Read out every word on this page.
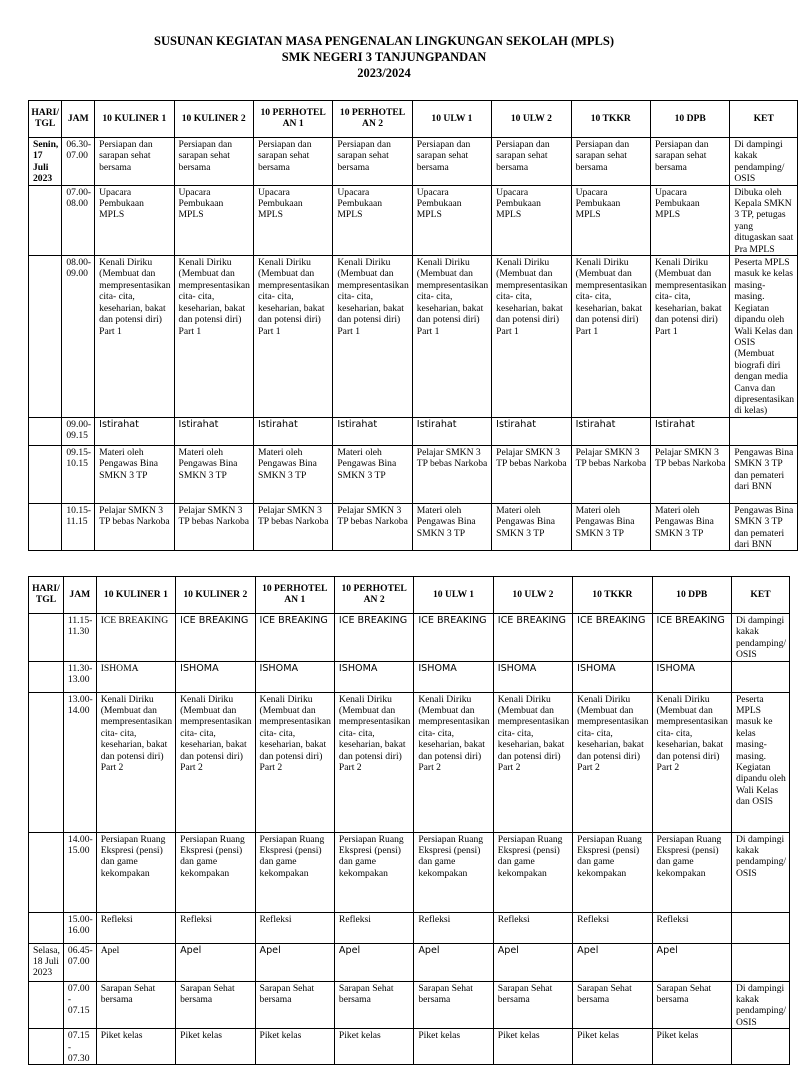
SUSUNAN KEGIATAN MASA PENGENALAN LINGKUNGAN SEKOLAH (MPLS)
SMK NEGERI 3 TANJUNGPANDAN
2023/2024
HARI/ TGL	JAM	10 KULINER 1	10 KULINER 2	10 PERHOTEL AN 1	10 PERHOTEL AN 2	10 ULW 1	10 ULW 2	10 TKKR	10 DPB	KET
Senin, 17 Juli 2023	06.30-07.00	Persiapan dan sarapan sehat bersama	Persiapan dan sarapan sehat bersama	Persiapan dan sarapan sehat bersama	Persiapan dan sarapan sehat bersama	Persiapan dan sarapan sehat bersama	Persiapan dan sarapan sehat bersama	Persiapan dan sarapan sehat bersama	Persiapan dan sarapan sehat bersama	Di dampingi kakak pendamping/ OSIS
	07.00-08.00	Upacara Pembukaan MPLS	Upacara Pembukaan MPLS	Upacara Pembukaan MPLS	Upacara Pembukaan MPLS	Upacara Pembukaan MPLS	Upacara Pembukaan MPLS	Upacara Pembukaan MPLS	Upacara Pembukaan MPLS	Dibuka oleh Kepala SMKN 3 TP, petugas yang ditugaskan saat Pra MPLS
	08.00-09.00	Kenali Diriku (Membuat dan mempresentasikan cita- cita, keseharian, bakat dan potensi diri) Part 1	Kenali Diriku (Membuat dan mempresentasikan cita- cita, keseharian, bakat dan potensi diri) Part 1	Kenali Diriku (Membuat dan mempresentasikan cita- cita, keseharian, bakat dan potensi diri) Part 1	Kenali Diriku (Membuat dan mempresentasikan cita- cita, keseharian, bakat dan potensi diri) Part 1	Kenali Diriku (Membuat dan mempresentasikan cita- cita, keseharian, bakat dan potensi diri) Part 1	Kenali Diriku (Membuat dan mempresentasikan cita- cita, keseharian, bakat dan potensi diri) Part 1	Kenali Diriku (Membuat dan mempresentasikan cita- cita, keseharian, bakat dan potensi diri) Part 1	Kenali Diriku (Membuat dan mempresentasikan cita- cita, keseharian, bakat dan potensi diri) Part 1	Peserta MPLS masuk ke kelas masing-masing. Kegiatan dipandu oleh Wali Kelas dan OSIS (Membuat biografi diri dengan media Canva dan dipresentasikan di kelas)
	09.00-09.15	Istirahat	Istirahat	Istirahat	Istirahat	Istirahat	Istirahat	Istirahat	Istirahat	
	09.15-10.15	Materi oleh Pengawas Bina SMKN 3 TP	Materi oleh Pengawas Bina SMKN 3 TP	Materi oleh Pengawas Bina SMKN 3 TP	Materi oleh Pengawas Bina SMKN 3 TP	Pelajar SMKN 3 TP bebas Narkoba	Pelajar SMKN 3 TP bebas Narkoba	Pelajar SMKN 3 TP bebas Narkoba	Pelajar SMKN 3 TP bebas Narkoba	Pengawas Bina SMKN 3 TP dan pemateri dari BNN
	10.15-11.15	Pelajar SMKN 3 TP bebas Narkoba	Pelajar SMKN 3 TP bebas Narkoba	Pelajar SMKN 3 TP bebas Narkoba	Pelajar SMKN 3 TP bebas Narkoba	Materi oleh Pengawas Bina SMKN 3 TP	Materi oleh Pengawas Bina SMKN 3 TP	Materi oleh Pengawas Bina SMKN 3 TP	Materi oleh Pengawas Bina SMKN 3 TP	Pengawas Bina SMKN 3 TP dan pemateri dari BNN
HARI/ TGL	JAM	10 KULINER 1	10 KULINER 2	10 PERHOTEL AN 1	10 PERHOTEL AN 2	10 ULW 1	10 ULW 2	10 TKKR	10 DPB	KET
	11.15-11.30	ICE BREAKING	ICE BREAKING	ICE BREAKING	ICE BREAKING	ICE BREAKING	ICE BREAKING	ICE BREAKING	ICE BREAKING	Di dampingi kakak pendamping/ OSIS
	11.30-13.00	ISHOMA	ISHOMA	ISHOMA	ISHOMA	ISHOMA	ISHOMA	ISHOMA	ISHOMA	
	13.00-14.00	Kenali Diriku (Membuat dan mempresentasikan cita- cita, keseharian, bakat dan potensi diri) Part 2	Kenali Diriku (Membuat dan mempresentasikan cita- cita, keseharian, bakat dan potensi diri) Part 2	Kenali Diriku (Membuat dan mempresentasikan cita- cita, keseharian, bakat dan potensi diri) Part 2	Kenali Diriku (Membuat dan mempresentasikan cita- cita, keseharian, bakat dan potensi diri) Part 2	Kenali Diriku (Membuat dan mempresentasikan cita- cita, keseharian, bakat dan potensi diri) Part 2	Kenali Diriku (Membuat dan mempresentasikan cita- cita, keseharian, bakat dan potensi diri) Part 2	Kenali Diriku (Membuat dan mempresentasikan cita- cita, keseharian, bakat dan potensi diri) Part 2	Kenali Diriku (Membuat dan mempresentasikan cita- cita, keseharian, bakat dan potensi diri) Part 2	Peserta MPLS masuk ke kelas masing-masing. Kegiatan dipandu oleh Wali Kelas dan OSIS
	14.00-15.00	Persiapan Ruang Ekspresi (pensi) dan game kekompakan	Persiapan Ruang Ekspresi (pensi) dan game kekompakan	Persiapan Ruang Ekspresi (pensi) dan game kekompakan	Persiapan Ruang Ekspresi (pensi) dan game kekompakan	Persiapan Ruang Ekspresi (pensi) dan game kekompakan	Persiapan Ruang Ekspresi (pensi) dan game kekompakan	Persiapan Ruang Ekspresi (pensi) dan game kekompakan	Persiapan Ruang Ekspresi (pensi) dan game kekompakan	Di dampingi kakak pendamping/ OSIS
	15.00-16.00	Refleksi	Refleksi	Refleksi	Refleksi	Refleksi	Refleksi	Refleksi	Refleksi	
Selasa, 18 Juli 2023	06.45-07.00	Apel	Apel	Apel	Apel	Apel	Apel	Apel	Apel	
	07.00 - 07.15	Sarapan Sehat bersama	Sarapan Sehat bersama	Sarapan Sehat bersama	Sarapan Sehat bersama	Sarapan Sehat bersama	Sarapan Sehat bersama	Sarapan Sehat bersama	Sarapan Sehat bersama	Di dampingi kakak pendamping/ OSIS
	07.15 - 07.30	Piket kelas	Piket kelas	Piket kelas	Piket kelas	Piket kelas	Piket kelas	Piket kelas	Piket kelas	
